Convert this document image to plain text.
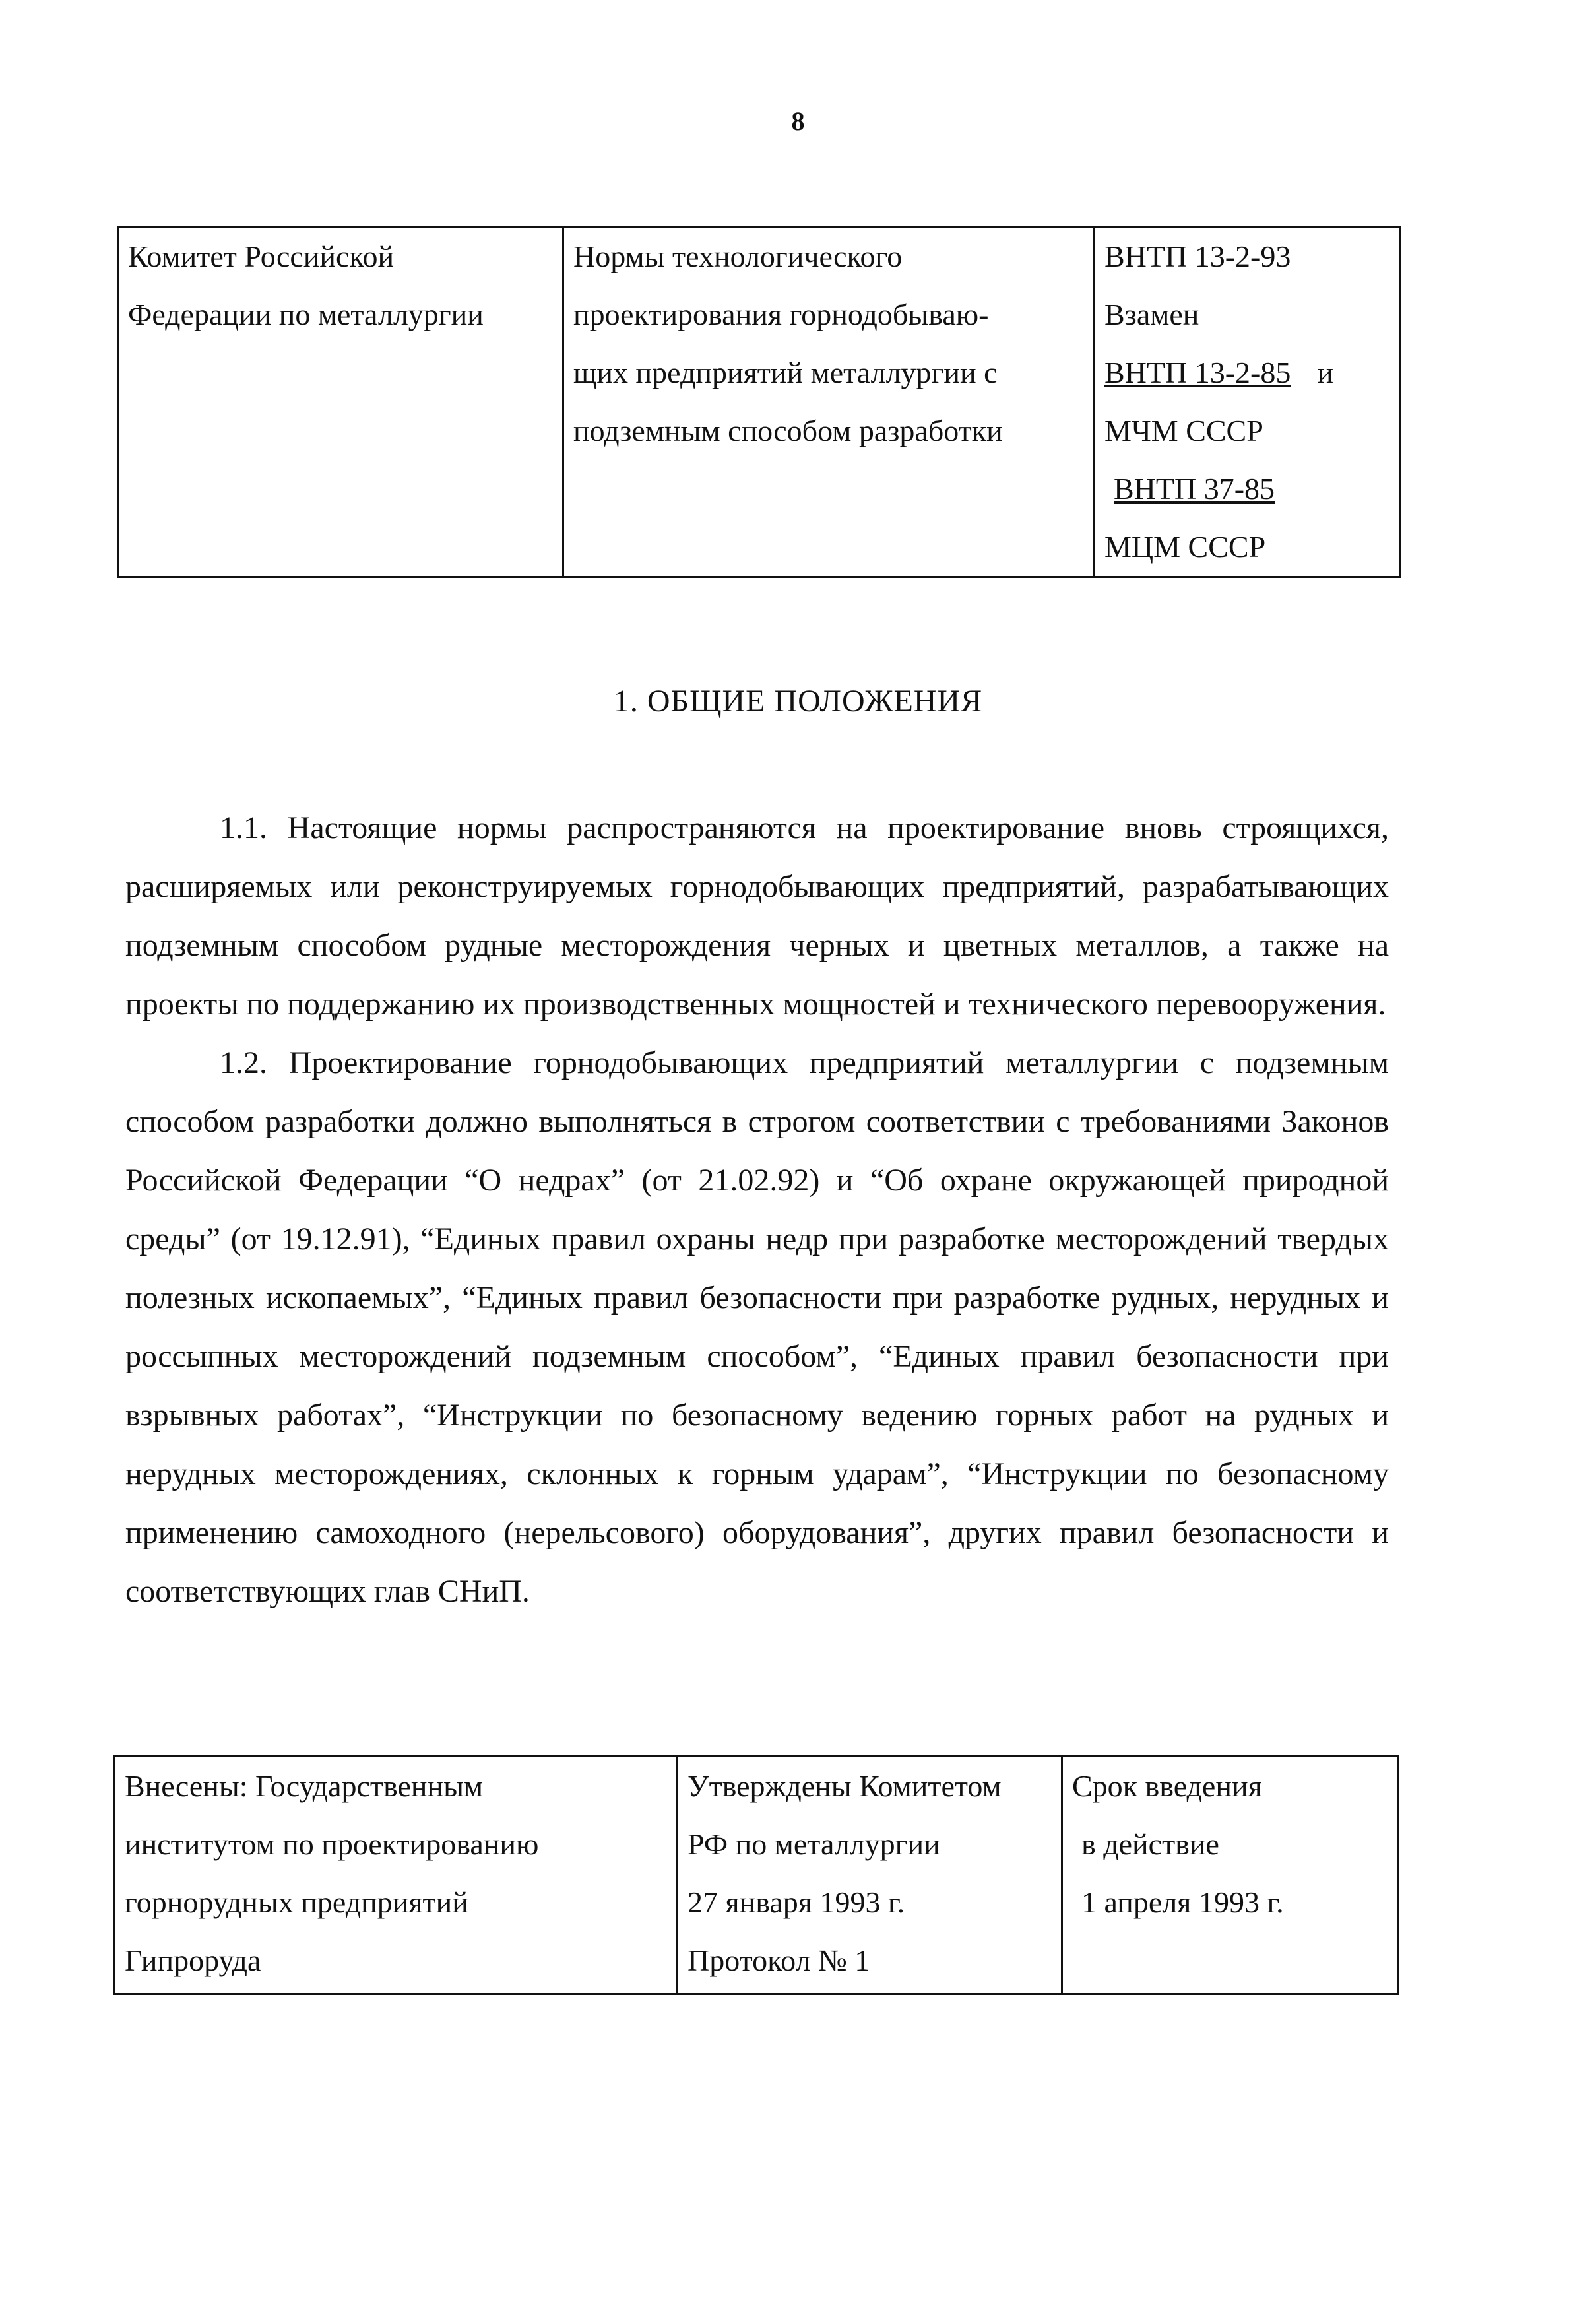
8
Комитет Российской
Федерации по металлургии

Нормы технологического
проектирования горнодобываю-
щих предприятий металлургии с
подземным способом разработки

ВНТП 13-2-93
Взамен
ВНТП 13-2-85 и
МЧМ СССР
ВНТП 37-85
МЦМ СССР
1. ОБЩИЕ ПОЛОЖЕНИЯ

1.1. Настоящие нормы распространяются на проектирование вновь строящихся, расширяемых или реконструируемых горнодобывающих предприятий, разрабатывающих подземным способом рудные месторождения черных и цветных металлов, а также на проекты по поддержанию их производственных мощностей и технического перевооружения.

1.2. Проектирование горнодобывающих предприятий металлургии с подземным способом разработки должно выполняться в строгом соответствии с требованиями Законов Российской Федерации “О недрах” (от 21.02.92) и “Об охране окружающей природной среды” (от 19.12.91), “Единых правил охраны недр при разработке месторождений твердых полезных ископаемых”, “Единых правил безопасности при разработке рудных, нерудных и россыпных месторождений подземным способом”, “Единых правил безопасности при взрывных работах”, “Инструкции по безопасному ведению горных работ на рудных и нерудных месторождениях, склонных к горным ударам”, “Инструкции по безопасному применению самоходного (нерельсового) оборудования”, других правил безопасности и соответствующих глав СНиП.

Внесены: Государственным
институтом по проектированию
горнорудных предприятий
Гипроруда

Утверждены Комитетом
РФ по металлургии
27 января 1993 г.
Протокол № 1

Срок введения
в действие
1 апреля 1993 г.
